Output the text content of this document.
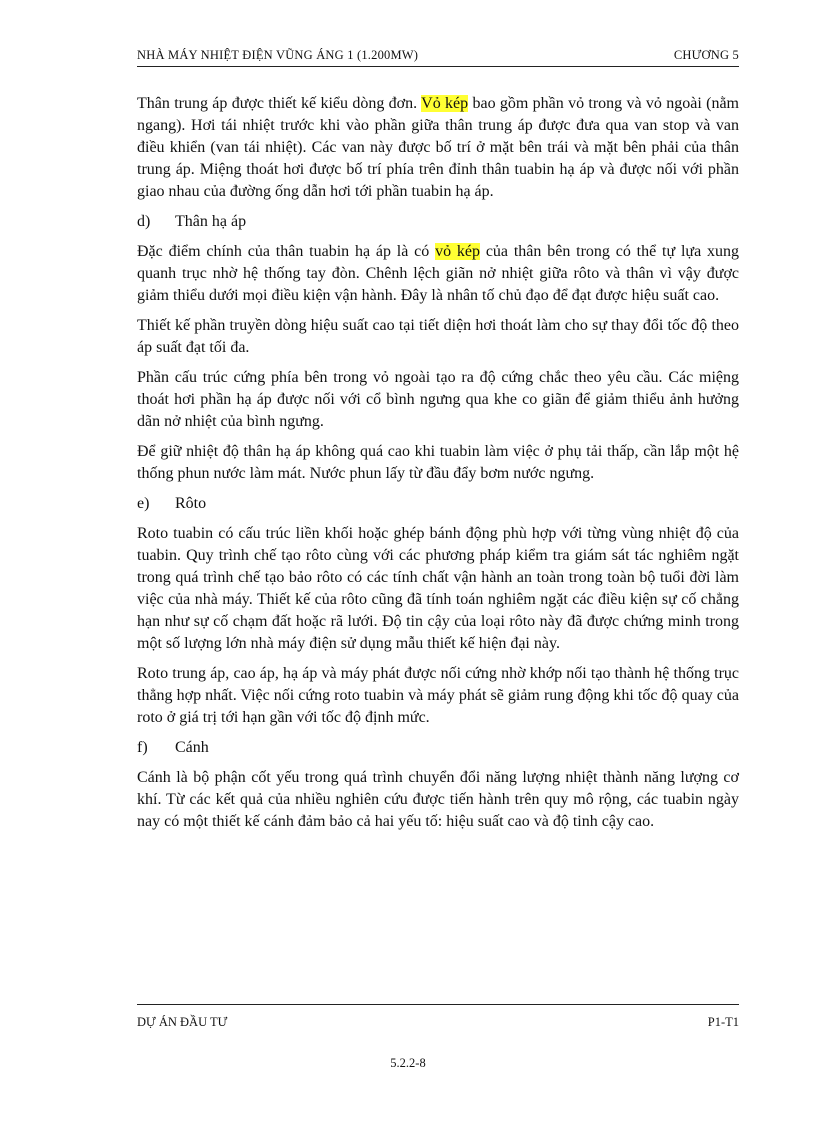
NHÀ MÁY NHIỆT ĐIỆN VŨNG ÁNG 1 (1.200MW)	CHƯƠNG 5

Thân trung áp được thiết kế kiểu dòng đơn. Vỏ kép bao gồm phần vỏ trong và vỏ ngoài (nằm ngang). Hơi tái nhiệt trước khi vào phần giữa thân trung áp được đưa qua van stop và van điều khiển (van tái nhiệt). Các van này được bố trí ở mặt bên trái và mặt bên phải của thân trung áp. Miệng thoát hơi được bố trí phía trên đỉnh thân tuabin hạ áp và được nối với phần giao nhau của đường ống dẫn hơi tới phần tuabin hạ áp.

d)	Thân hạ áp

Đặc điểm chính của thân tuabin hạ áp là có vỏ kép của thân bên trong có thể tự lựa xung quanh trục nhờ hệ thống tay đòn. Chênh lệch giãn nở nhiệt giữa rôto và thân vì vậy được giảm thiểu dưới mọi điều kiện vận hành. Đây là nhân tố chủ đạo để đạt được hiệu suất cao.

Thiết kế phần truyền dòng hiệu suất cao tại tiết diện hơi thoát làm cho sự thay đổi tốc độ theo áp suất đạt tối đa.

Phần cấu trúc cứng phía bên trong vỏ ngoài tạo ra độ cứng chắc theo yêu cầu. Các miệng thoát hơi phần hạ áp được nối với cổ bình ngưng qua khe co giãn để giảm thiểu ảnh hưởng dãn nở nhiệt của bình ngưng.

Để giữ nhiệt độ thân hạ áp không quá cao khi tuabin làm việc ở phụ tải thấp, cần lắp một hệ thống phun nước làm mát. Nước phun lấy từ đầu đẩy bơm nước ngưng.

e)	Rôto

Roto tuabin có cấu trúc liền khối hoặc ghép bánh động phù hợp với từng vùng nhiệt độ của tuabin. Quy trình chế tạo rôto cùng với các phương pháp kiểm tra giám sát tác nghiêm ngặt trong quá trình chế tạo bảo rôto có các tính chất vận hành an toàn trong toàn bộ tuổi đời làm việc của nhà máy. Thiết kế của rôto cũng đã tính toán nghiêm ngặt các điều kiện sự cố chẳng hạn như sự cố chạm đất hoặc rã lưới. Độ tin cậy của loại rôto này đã được chứng minh trong một số lượng lớn nhà máy điện sử dụng mẫu thiết kế hiện đại này.

Roto trung áp, cao áp, hạ áp và máy phát được nối cứng nhờ khớp nối tạo thành hệ thống trục thẳng hợp nhất. Việc nối cứng roto tuabin và máy phát sẽ giảm rung động khi tốc độ quay của roto ở giá trị tới hạn gần với tốc độ định mức.

f)	Cánh

Cánh là bộ phận cốt yếu trong quá trình chuyển đổi năng lượng nhiệt thành năng lượng cơ khí. Từ các kết quả của nhiều nghiên cứu được tiến hành trên quy mô rộng, các tuabin ngày nay có một thiết kế cánh đảm bảo cả hai yếu tố: hiệu suất cao và độ tinh cậy cao.

DỰ ÁN ĐẦU TƯ	P1-T1
5.2.2-8
